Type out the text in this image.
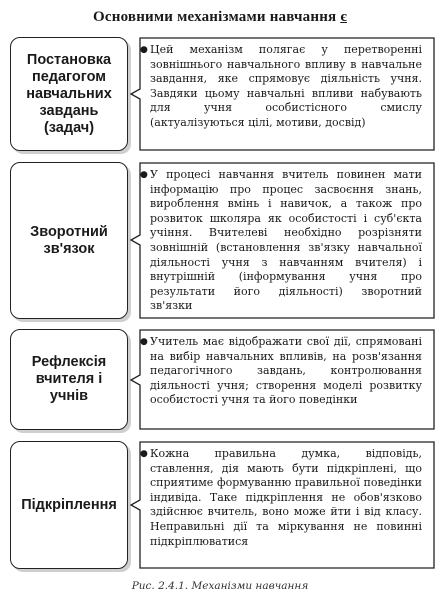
Основними механізмами навчання є
Постановка педагогом навчальних завдань (задач)
● Цей механізм полягає у перетворенні зовнішнього навчального впливу в навчальне завдання, яке спрямовує діяльність учня. Завдяки цьому навчальні впливи набувають для учня особистісного смислу (актуалізуються цілі, мотиви, досвід)
Зворотний зв'язок
● У процесі навчання вчитель повинен мати інформацію про процес засвоєння знань, вироблення вмінь і навичок, а також про розвиток школяра як особистості і суб'єкта учіння. Вчителеві необхідно розрізняти зовнішній (встановлення зв'язку навчальної діяльності учня з навчанням вчителя) і внутрішній (інформування учня про результати його діяльності) зворотний зв'язки
Рефлексія вчителя і учнів
● Учитель має відображати свої дії, спрямовані на вибір навчальних впливів, на розв'язання педагогічного завдань, контролювання діяльності учня; створення моделі розвитку особистості учня та його поведінки
Підкріплення
● Кожна правильна думка, відповідь, ставлення, дія мають бути підкріплені, що сприятиме формуванню правильної поведінки індивіда. Таке підкріплення не обов'язково здійснює вчитель, воно може йти і від класу. Неправильні дії та міркування не повинні підкріплюватися
Рис. 2.4.1. Механізми навчання
